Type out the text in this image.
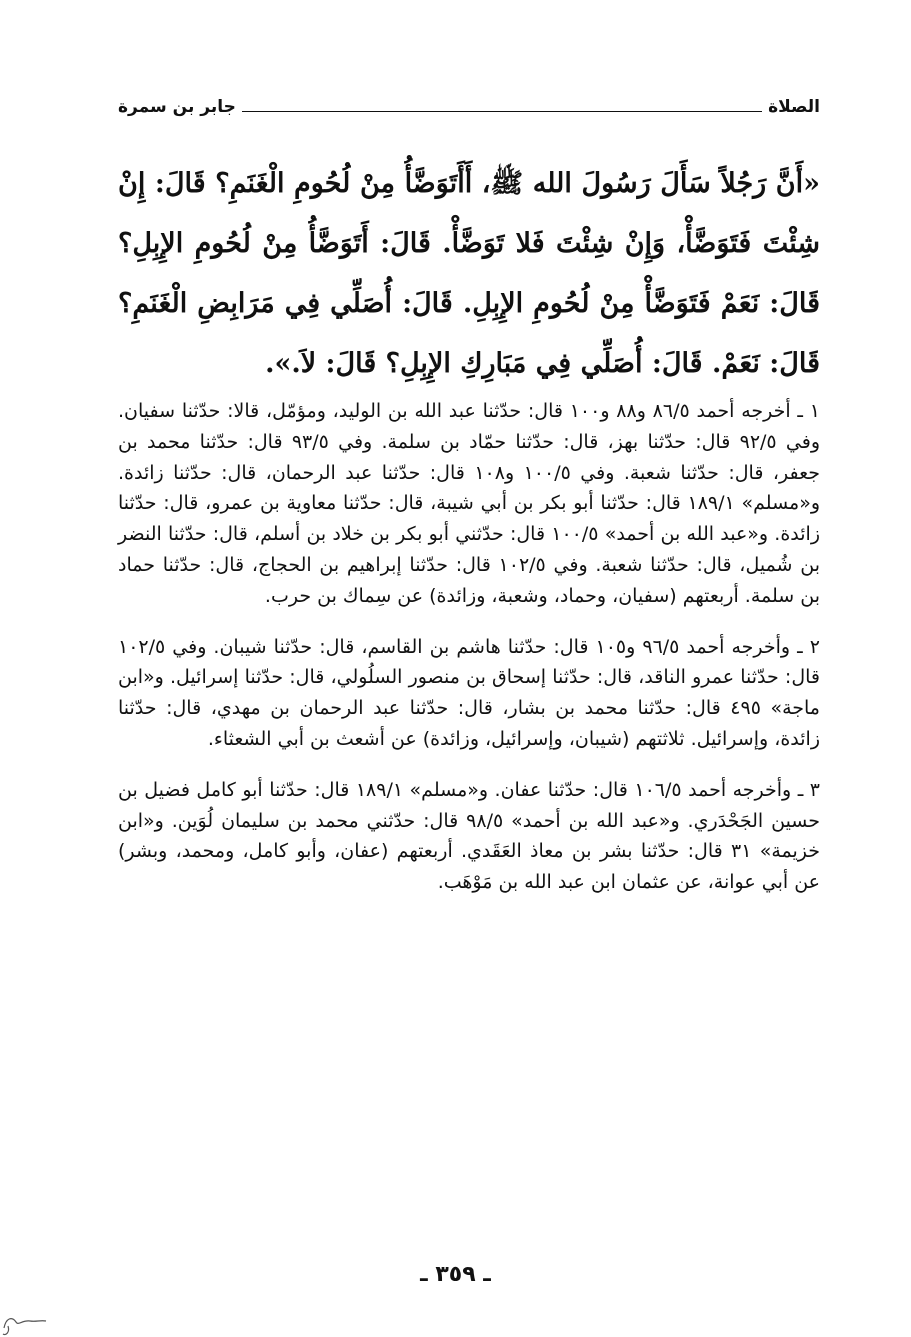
الصلاة
جابر بن سمرة
«أَنَّ رَجُلاً سَأَلَ رَسُولَ الله ﷺ، أَأَتَوَضَّأُ مِنْ لُحُومِ الْغَنَمِ؟ قَالَ: إِنْ شِئْتَ فَتَوَضَّأْ، وَإِنْ شِئْتَ فَلا تَوَضَّأْ. قَالَ: أَتَوَضَّأُ مِنْ لُحُومِ الإِبِلِ؟ قَالَ: نَعَمْ فَتَوَضَّأْ مِنْ لُحُومِ الإِبِلِ. قَالَ: أُصَلِّي فِي مَرَابِضِ الْغَنَمِ؟ قَالَ: نَعَمْ. قَالَ: أُصَلِّي فِي مَبَارِكِ الإِبِلِ؟ قَالَ: لاَ.».

١ ـ أخرجه أحمد ٨٦/٥ و٨٨ و١٠٠ قال: حدّثنا عبد الله بن الوليد، ومؤمّل، قالا: حدّثنا سفيان. وفي ٩٢/٥ قال: حدّثنا بهز، قال: حدّثنا حمّاد بن سلمة. وفي ٩٣/٥ قال: حدّثنا محمد بن جعفر، قال: حدّثنا شعبة. وفي ١٠٠/٥ و١٠٨ قال: حدّثنا عبد الرحمان، قال: حدّثنا زائدة. و«مسلم» ١٨٩/١ قال: حدّثنا أبو بكر بن أبي شيبة، قال: حدّثنا معاوية بن عمرو، قال: حدّثنا زائدة. و«عبد الله بن أحمد» ١٠٠/٥ قال: حدّثني أبو بكر بن خلاد بن أسلم، قال: حدّثنا النضر بن شُميل، قال: حدّثنا شعبة. وفي ١٠٢/٥ قال: حدّثنا إبراهيم بن الحجاج، قال: حدّثنا حماد بن سلمة. أربعتهم (سفيان، وحماد، وشعبة، وزائدة) عن سِماك بن حرب.

٢ ـ وأخرجه أحمد ٩٦/٥ و١٠٥ قال: حدّثنا هاشم بن القاسم، قال: حدّثنا شيبان. وفي ١٠٢/٥ قال: حدّثنا عمرو الناقد، قال: حدّثنا إسحاق بن منصور السلُولي، قال: حدّثنا إسرائيل. و«ابن ماجة» ٤٩٥ قال: حدّثنا محمد بن بشار، قال: حدّثنا عبد الرحمان بن مهدي، قال: حدّثنا زائدة، وإسرائيل. ثلاثتهم (شيبان، وإسرائيل، وزائدة) عن أشعث بن أبي الشعثاء.

٣ ـ وأخرجه أحمد ١٠٦/٥ قال: حدّثنا عفان. و«مسلم» ١٨٩/١ قال: حدّثنا أبو كامل فضيل بن حسين الجَحْدَري. و«عبد الله بن أحمد» ٩٨/٥ قال: حدّثني محمد بن سليمان لُوَين. و«ابن خزيمة» ٣١ قال: حدّثنا بشر بن معاذ العَقَدي. أربعتهم (عفان، وأبو كامل، ومحمد، وبشر) عن أبي عوانة، عن عثمان ابن عبد الله بن مَوْهَب.

ـ ٣٥٩ ـ
